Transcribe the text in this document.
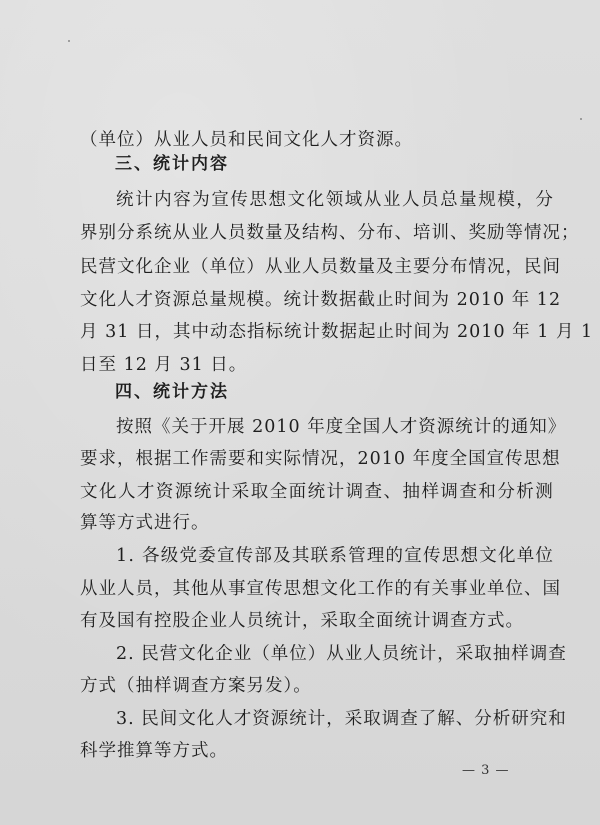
（单位）从业人员和民间文化人才资源。
三、统计内容
统 计 内 容 为 宣 传 思 想 文 化 领 域 从 业 人 员 总 量 规 模 ， 分
界 别 分 系 统 从 业 人 员 数 量 及 结 构 、 分 布 、 培 训 、 奖 励 等 情 况 ；
民 营 文 化 企 业 （ 单 位 ） 从 业 人 员 数 量 及 主 要 分 布 情 况 ， 民 间
文 化 人 才 资 源 总 量 规 模 。 统 计 数 据 截 止 时 间 为
2 0 1 0
年
1 2
月
3 1
日 ， 其 中 动 态 指 标 统 计 数 据 起 止 时 间 为
2 0 1 0
年
1
月
1
日至 12 月 31 日。
四、统计方法
按 照 《 关 于 开 展
2 0 1 0
年 度 全 国 人 才 资 源 统 计 的 通 知 》
要 求 ， 根 据 工 作 需 要 和 实 际 情 况 ， 2 0 1 0
年 度 全 国 宣 传 思 想
文 化 人 才 资 源 统 计 采 取 全 面 统 计 调 查 、 抽 样 调 查 和 分 析 测
算等方式进行。
1 .
各 级 党 委 宣 传 部 及 其 联 系 管 理 的 宣 传 思 想 文 化 单 位
从 业 人 员 ， 其 他 从 事 宣 传 思 想 文 化 工 作 的 有 关 事 业 单 位 、 国
有及国有控股企业人员统计，采取全面统计调查方式。
2 .
民 营 文 化 企 业 （ 单 位 ） 从 业 人 员 统 计 ， 采 取 抽 样 调 查
方式（抽样调查方案另发）。
3 .
民 间 文 化 人 才 资 源 统 计 ， 采 取 调 查 了 解 、 分 析 研 究 和
科学推算等方式。
— 3 —
